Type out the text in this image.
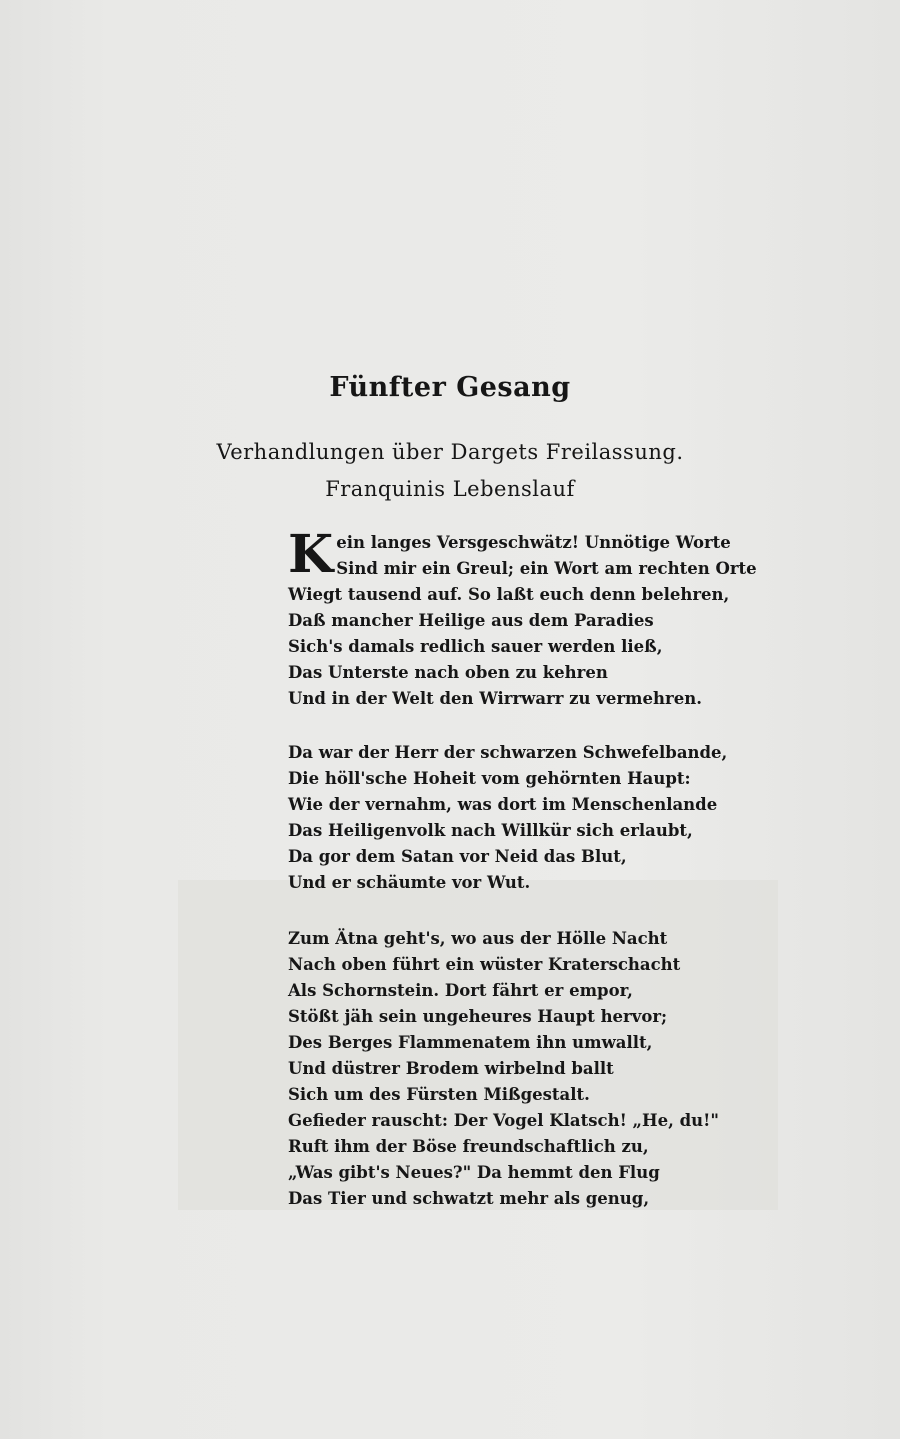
Fünfter Gesang
Verhandlungen über Dargets Freilassung.
Franquinis Lebenslauf
Kein langes Versgeschwätz! Unnötige Worte
Sind mir ein Greul; ein Wort am rechten Orte
Wiegt tausend auf. So laßt euch denn belehren,
Daß mancher Heilige aus dem Paradies
Sich's damals redlich sauer werden ließ,
Das Unterste nach oben zu kehren
Und in der Welt den Wirrwarr zu vermehren.
Da war der Herr der schwarzen Schwefelbande,
Die höll'sche Hoheit vom gehörnten Haupt:
Wie der vernahm, was dort im Menschenlande
Das Heiligenvolk nach Willkür sich erlaubt,
Da gor dem Satan vor Neid das Blut,
Und er schäumte vor Wut.
Zum Ätna geht's, wo aus der Hölle Nacht
Nach oben führt ein wüster Kraterschacht
Als Schornstein. Dort fährt er empor,
Stößt jäh sein ungeheures Haupt hervor;
Des Berges Flammenatem ihn umwallt,
Und düstrer Brodem wirbelnd ballt
Sich um des Fürsten Mißgestalt.
Gefieder rauscht: Der Vogel Klatsch! „He, du!"
Ruft ihm der Böse freundschaftlich zu,
„Was gibt's Neues?" Da hemmt den Flug
Das Tier und schwatzt mehr als genug,
